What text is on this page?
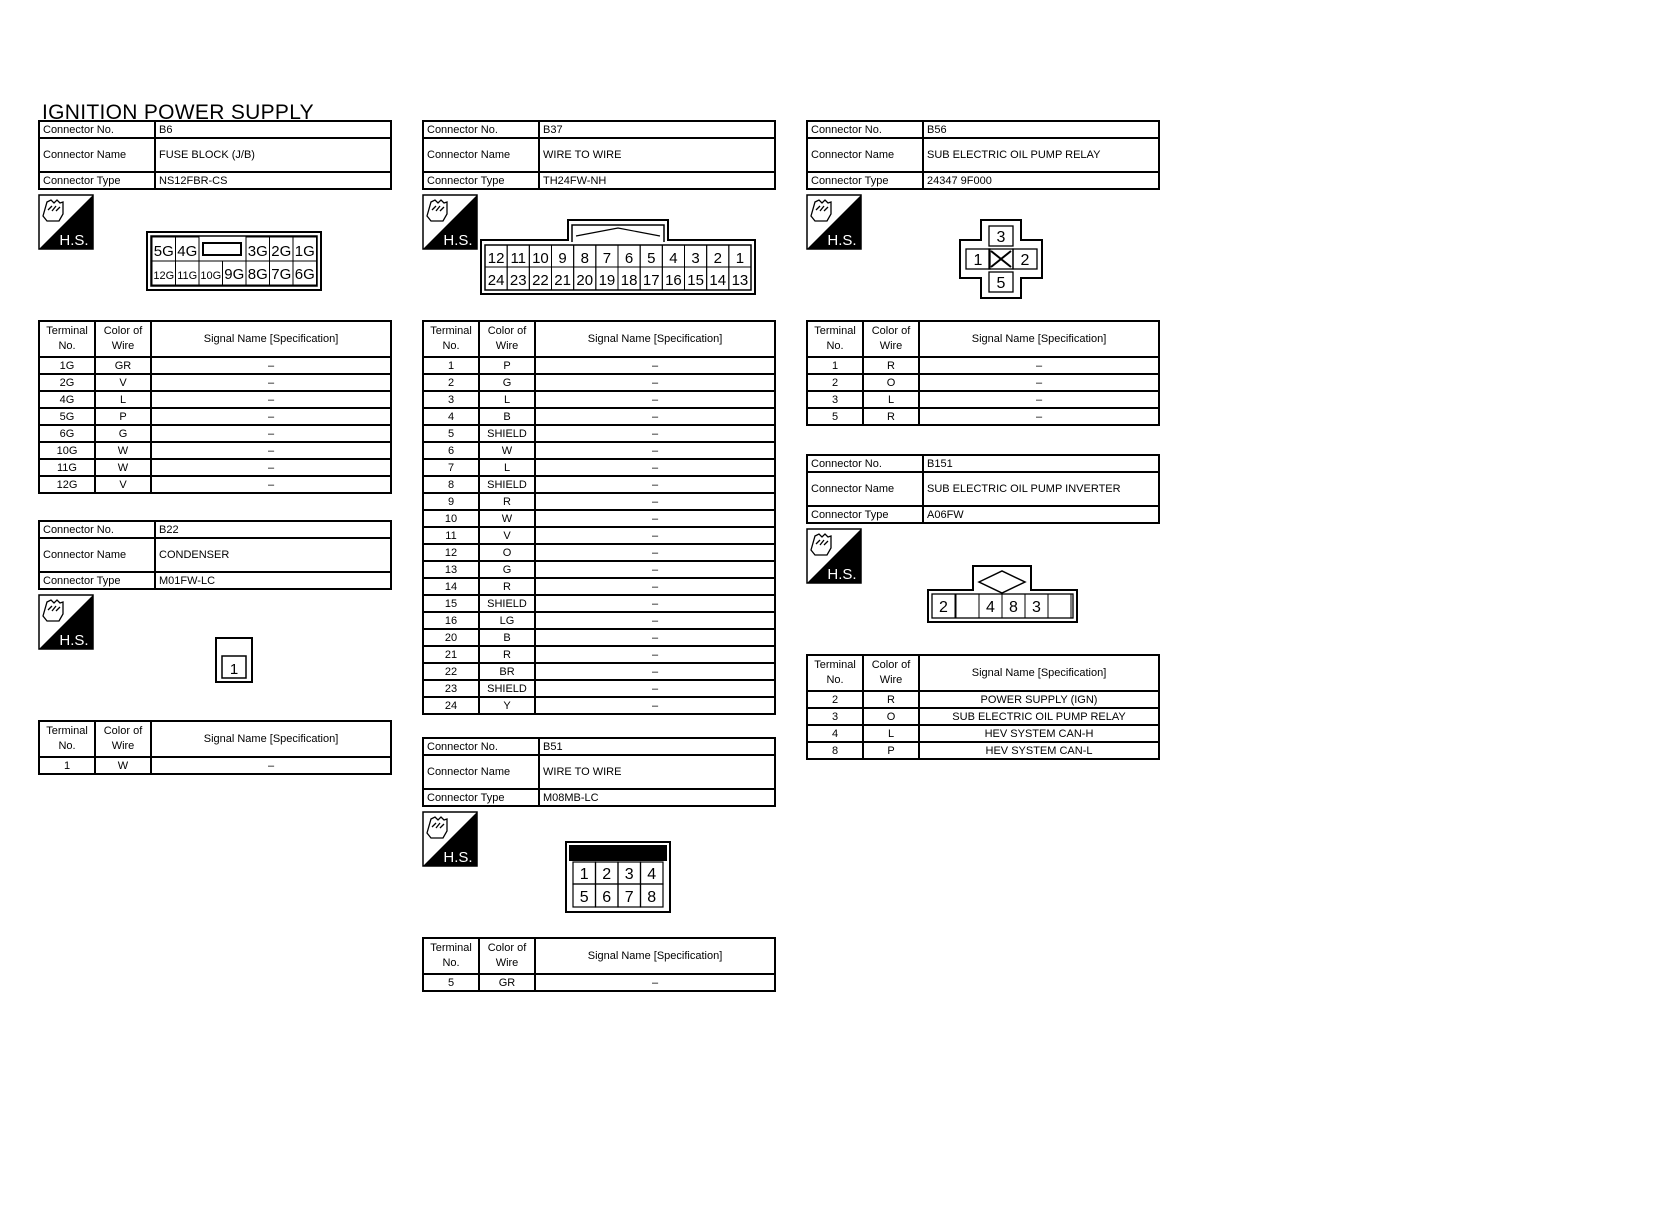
IGNITION POWER SUPPLY
Connector No.	B6
Connector Name	FUSE BLOCK (J/B)
Connector Type	NS12FBR-CS
H.S.
5G 4G	3G 2G 1G
12G 11G 10G 9G 8G 7G 6G
Terminal No.	Color of Wire	Signal Name [Specification]
1G	GR	–
2G	V	–
4G	L	–
5G	P	–
6G	G	–
10G	W	–
11G	W	–
12G	V	–
Connector No.	B22
Connector Name	CONDENSER
Connector Type	M01FW-LC
H.S.
1
Terminal No.	Color of Wire	Signal Name [Specification]
1	W	–
Connector No.	B37
Connector Name	WIRE TO WIRE
Connector Type	TH24FW-NH
H.S.
12 11 10 9 8 7 6 5 4 3 2 1
24 23 22 21 20 19 18 17 16 15 14 13
Terminal No.	Color of Wire	Signal Name [Specification]
1	P	–
2	G	–
3	L	–
4	B	–
5	SHIELD	–
6	W	–
7	L	–
8	SHIELD	–
9	R	–
10	W	–
11	V	–
12	O	–
13	G	–
14	R	–
15	SHIELD	–
16	LG	–
20	B	–
21	R	–
22	BR	–
23	SHIELD	–
24	Y	–
Connector No.	B51
Connector Name	WIRE TO WIRE
Connector Type	M08MB-LC
H.S.
1 2 3 4
5 6 7 8
Terminal No.	Color of Wire	Signal Name [Specification]
5	GR	–
Connector No.	B56
Connector Name	SUB ELECTRIC OIL PUMP RELAY
Connector Type	24347 9F000
H.S.	3
1 2
5
Terminal No.	Color of Wire	Signal Name [Specification]
1	R	–
2	O	–
3	L	–
5	R	–
Connector No.	B151
Connector Name	SUB ELECTRIC OIL PUMP INVERTER
Connector Type	A06FW
H.S.
2 4 8 3
Terminal No.	Color of Wire	Signal Name [Specification]
2	R	POWER SUPPLY (IGN)
3	O	SUB ELECTRIC OIL PUMP RELAY
4	L	HEV SYSTEM CAN-H
8	P	HEV SYSTEM CAN-L
